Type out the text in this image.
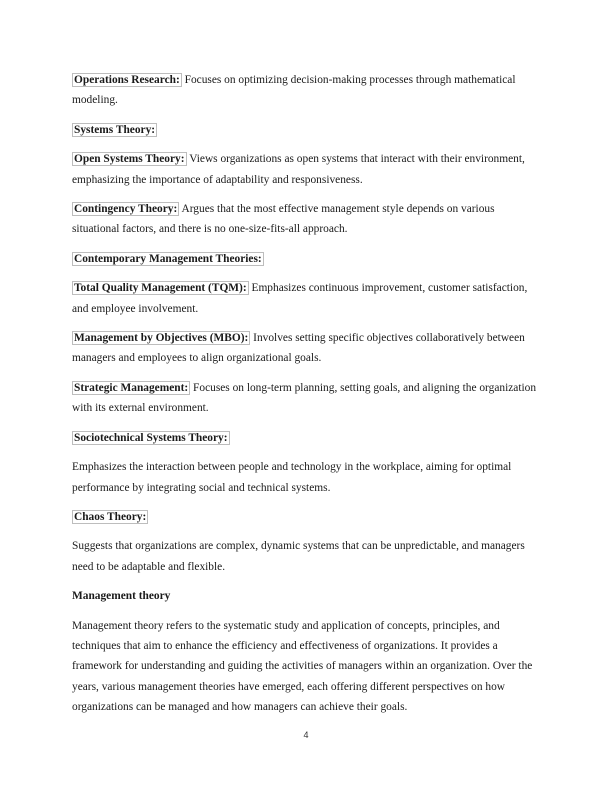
Operations Research: Focuses on optimizing decision-making processes through mathematical modeling.

Systems Theory:

Open Systems Theory: Views organizations as open systems that interact with their environment, emphasizing the importance of adaptability and responsiveness.

Contingency Theory: Argues that the most effective management style depends on various situational factors, and there is no one-size-fits-all approach.

Contemporary Management Theories:

Total Quality Management (TQM): Emphasizes continuous improvement, customer satisfaction, and employee involvement.

Management by Objectives (MBO): Involves setting specific objectives collaboratively between managers and employees to align organizational goals.

Strategic Management: Focuses on long-term planning, setting goals, and aligning the organization with its external environment.

Sociotechnical Systems Theory:

Emphasizes the interaction between people and technology in the workplace, aiming for optimal performance by integrating social and technical systems.

Chaos Theory:

Suggests that organizations are complex, dynamic systems that can be unpredictable, and managers need to be adaptable and flexible.

Management theory

Management theory refers to the systematic study and application of concepts, principles, and techniques that aim to enhance the efficiency and effectiveness of organizations. It provides a framework for understanding and guiding the activities of managers within an organization. Over the years, various management theories have emerged, each offering different perspectives on how organizations can be managed and how managers can achieve their goals.

4
